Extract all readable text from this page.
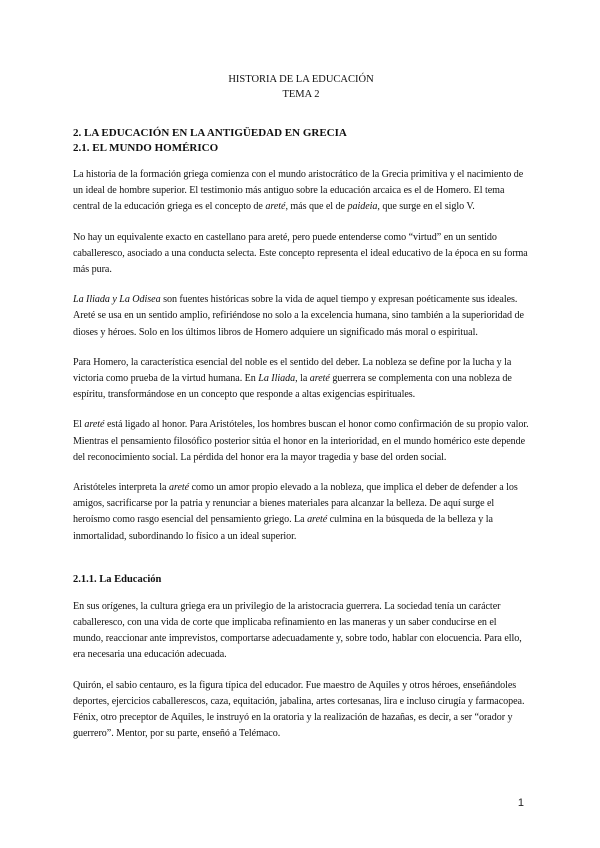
HISTORIA DE LA EDUCACIÓN
TEMA 2
2. LA EDUCACIÓN EN LA ANTIGÜEDAD EN GRECIA
2.1. EL MUNDO HOMÉRICO

La historia de la formación griega comienza con el mundo aristocrático de la Grecia primitiva y el nacimiento de un ideal de hombre superior. El testimonio más antiguo sobre la educación arcaica es el de Homero. El tema central de la educación griega es el concepto de areté, más que el de paideia, que surge en el siglo V.

No hay un equivalente exacto en castellano para areté, pero puede entenderse como “virtud” en un sentido caballeresco, asociado a una conducta selecta. Este concepto representa el ideal educativo de la época en su forma más pura.

La Iliada y La Odisea son fuentes históricas sobre la vida de aquel tiempo y expresan poéticamente sus ideales. Areté se usa en un sentido amplio, refiriéndose no solo a la excelencia humana, sino también a la superioridad de dioses y héroes. Solo en los últimos libros de Homero adquiere un significado más moral o espiritual.

Para Homero, la característica esencial del noble es el sentido del deber. La nobleza se define por la lucha y la victoria como prueba de la virtud humana. En La Iliada, la areté guerrera se complementa con una nobleza de espíritu, transformándose en un concepto que responde a altas exigencias espirituales.

El areté está ligado al honor. Para Aristóteles, los hombres buscan el honor como confirmación de su propio valor. Mientras el pensamiento filosófico posterior sitúa el honor en la interioridad, en el mundo homérico este depende del reconocimiento social. La pérdida del honor era la mayor tragedia y base del orden social.

Aristóteles interpreta la areté como un amor propio elevado a la nobleza, que implica el deber de defender a los amigos, sacrificarse por la patria y renunciar a bienes materiales para alcanzar la belleza. De aquí surge el heroísmo como rasgo esencial del pensamiento griego. La areté culmina en la búsqueda de la belleza y la inmortalidad, subordinando lo físico a un ideal superior.

2.1.1. La Educación

En sus orígenes, la cultura griega era un privilegio de la aristocracia guerrera. La sociedad tenía un carácter caballeresco, con una vida de corte que implicaba refinamiento en las maneras y un saber conducirse en el mundo, reaccionar ante imprevistos, comportarse adecuadamente y, sobre todo, hablar con elocuencia. Para ello, era necesaria una educación adecuada.

Quirón, el sabio centauro, es la figura típica del educador. Fue maestro de Aquiles y otros héroes, enseñándoles deportes, ejercicios caballerescos, caza, equitación, jabalina, artes cortesanas, lira e incluso cirugía y farmacopea. Fénix, otro preceptor de Aquiles, le instruyó en la oratoria y la realización de hazañas, es decir, a ser “orador y guerrero”. Mentor, por su parte, enseñó a Telémaco.

1
